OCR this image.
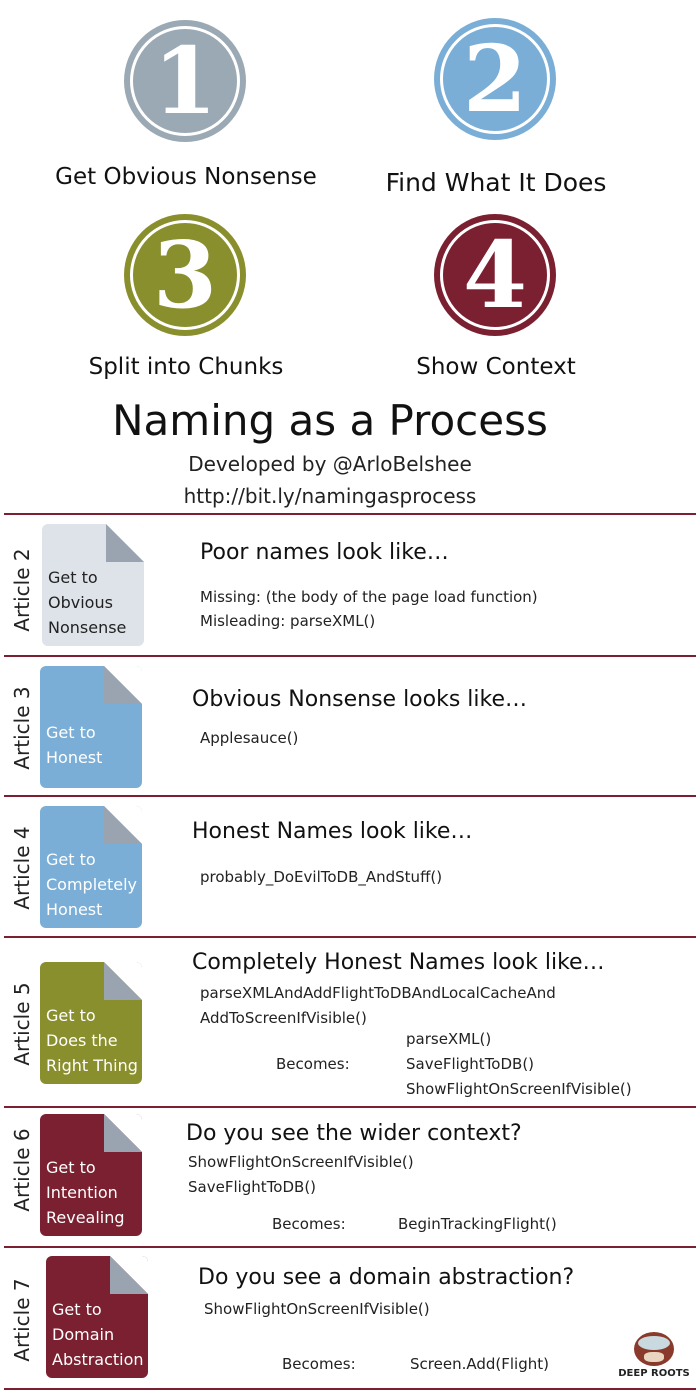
1
Get Obvious Nonsense
2
Find What It Does
3
Split into Chunks
4
Show Context
Naming as a Process
Developed by @ArloBelshee
http://bit.ly/namingasprocess
Article 2 Get to
Obvious
Nonsense
Poor names look like…
Missing: (the body of the page load function)
Misleading: parseXML()
Article 3 Get to
Honest
Obvious Nonsense looks like…
Applesauce()
Article 4 Get to
Completely
Honest
Honest Names look like…
probably_DoEvilToDB_AndStuff()
Article 5 Get to
Does the
Right Thing
Completely Honest Names look like…
parseXMLAndAddFlightToDBAndLocalCacheAnd
AddToScreenIfVisible()
Becomes:
parseXML()
SaveFlightToDB()
ShowFlightOnScreenIfVisible()
Article 6 Get to
Intention
Revealing
Do you see the wider context?
ShowFlightOnScreenIfVisible()
SaveFlightToDB()
Becomes:	BeginTrackingFlight()
Article 7 Get to
Domain
Abstraction
Do you see a domain abstraction?
ShowFlightOnScreenIfVisible()
Becomes:	Screen.Add(Flight)
DEEP ROOTS
